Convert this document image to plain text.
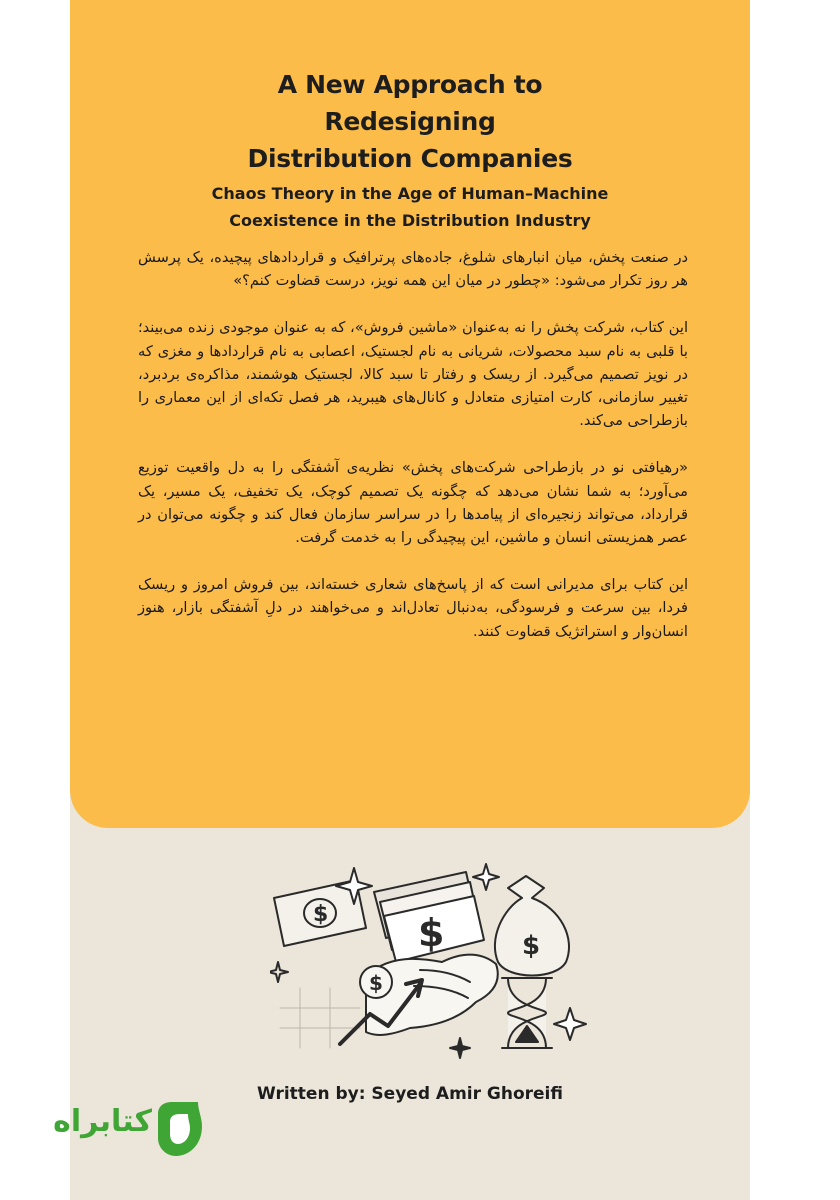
A New Approach to
Redesigning
Distribution Companies
Chaos Theory in the Age of Human–Machine
Coexistence in the Distribution Industry

در صنعت پخش، میان انبارهای شلوغ، جاده‌های پرترافیک و قراردادهای پیچیده، یک پرسش هر روز تکرار می‌شود: «چطور در میان این همه نویز، درست قضاوت کنم؟»

این کتاب، شرکت پخش را نه به‌عنوان «ماشین فروش»، که به عنوان موجودی زنده می‌بیند؛ با قلبی به نام سبد محصولات، شریانی به نام لجستیک، اعصابی به نام قراردادها و مغزی که در نویز تصمیم می‌گیرد. از ریسک و رفتار تا سبد کالا، لجستیک هوشمند، مذاکره‌ی بردبرد، تغییر سازمانی، کارت امتیازی متعادل و کانال‌های هیبرید، هر فصل تکه‌ای از این معماری را بازطراحی می‌کند.

«رهیافتی نو در بازطراحی شرکت‌های پخش» نظریه‌ی آشفتگی را به دل واقعیت توزیع می‌آورد؛ به شما نشان می‌دهد که چگونه یک تصمیم کوچک، یک تخفیف، یک مسیر، یک قرارداد، می‌تواند زنجیره‌ای از پیامدها را در سراسر سازمان فعال کند و چگونه می‌توان در عصر همزیستی انسان و ماشین، این پیچیدگی را به خدمت گرفت.

این کتاب برای مدیرانی است که از پاسخ‌های شعاری خسته‌اند، بین فروش امروز و ریسک فردا، بین سرعت و فرسودگی، به‌دنبال تعادل‌اند و می‌خواهند در دلِ آشفتگی بازار، هنوز انسان‌وار و استراتژیک قضاوت کنند.

$ $
$
$
Written by: Seyed Amir Ghoreifi
کتابراه
